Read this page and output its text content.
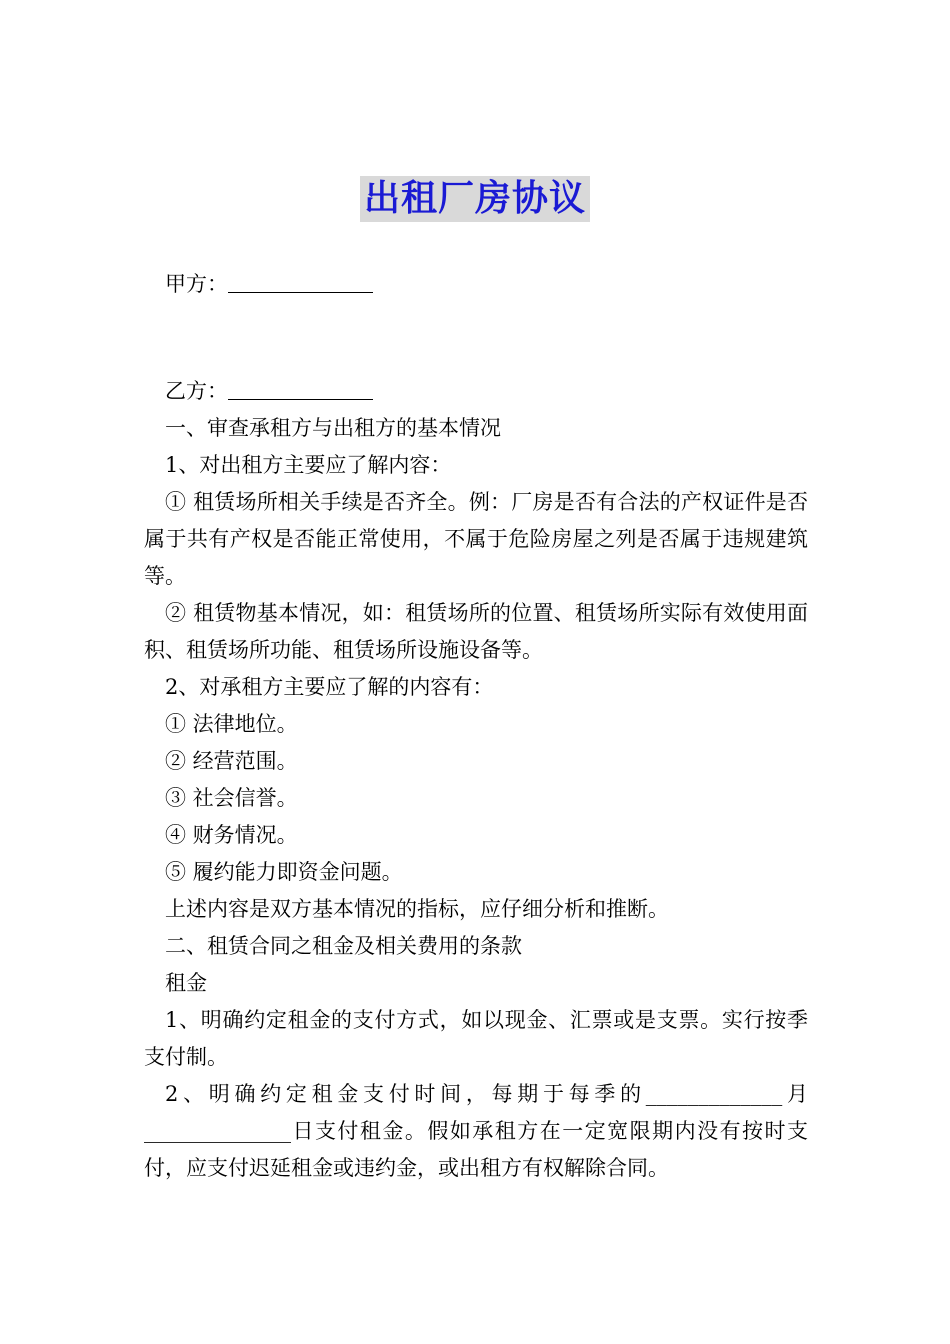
出租厂房协议

甲方：

乙方：

一、审查承租方与出租方的基本情况

1、对出租方主要应了解内容：

① 租赁场所相关手续是否齐全。例：厂房是否有合法的产权证件是否属于共有产权是否能正常使用，不属于危险房屋之列是否属于违规建筑等。

② 租赁物基本情况，如：租赁场所的位置、租赁场所实际有效使用面积、租赁场所功能、租赁场所设施设备等。

2、对承租方主要应了解的内容有：

① 法律地位。

② 经营范围。

③ 社会信誉。

④ 财务情况。

⑤ 履约能力即资金问题。

上述内容是双方基本情况的指标，应仔细分析和推断。

二、租赁合同之租金及相关费用的条款

租金

1、明确约定租金的支付方式，如以现金、汇票或是支票。实行按季支付制。

2、明确约定租金支付时间，每期于每季的_____________月______________日支付租金。假如承租方在一定宽限期内没有按时支付，应支付迟延租金或违约金，或出租方有权解除合同。
